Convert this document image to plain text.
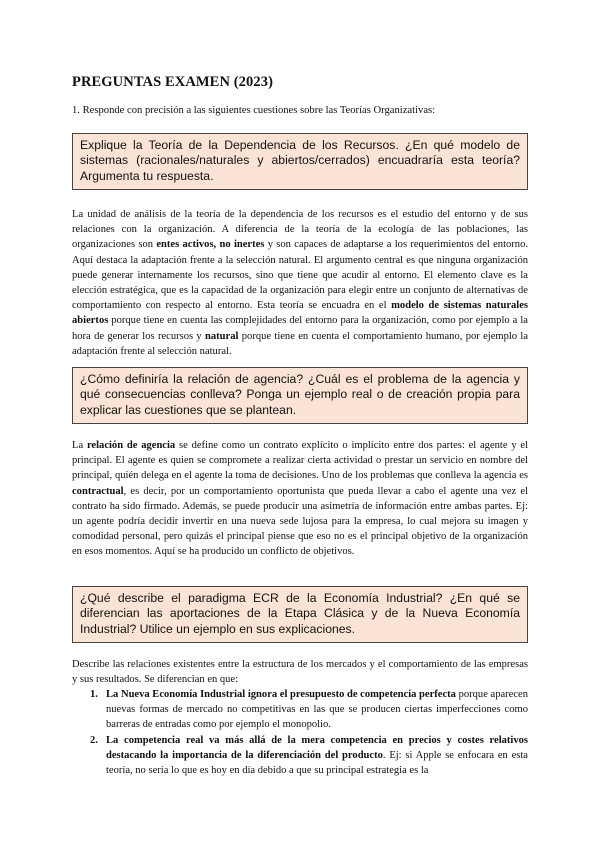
PREGUNTAS EXAMEN (2023)
1. Responde con precisión a las siguientes cuestiones sobre las Teorías Organizativas:
Explique la Teoría de la Dependencia de los Recursos. ¿En qué modelo de sistemas (racionales/naturales y abiertos/cerrados) encuadraría esta teoría? Argumenta tu respuesta.
La unidad de análisis de la teoría de la dependencia de los recursos es el estudio del entorno y de sus relaciones con la organización. A diferencia de la teoría de la ecología de las poblaciones, las organizaciones son entes activos, no inertes y son capaces de adaptarse a los requerimientos del entorno. Aquí destaca la adaptación frente a la selección natural. El argumento central es que ninguna organización puede generar internamente los recursos, sino que tiene que acudir al entorno. El elemento clave es la elección estratégica, que es la capacidad de la organización para elegir entre un conjunto de alternativas de comportamiento con respecto al entorno. Esta teoría se encuadra en el modelo de sistemas naturales abiertos porque tiene en cuenta las complejidades del entorno para la organización, como por ejemplo a la hora de generar los recursos y natural porque tiene en cuenta el comportamiento humano, por ejemplo la adaptación frente al selección natural.
¿Cómo definiría la relación de agencia? ¿Cuál es el problema de la agencia y qué consecuencias conlleva? Ponga un ejemplo real o de creación propia para explicar las cuestiones que se plantean.
La relación de agencia se define como un contrato explícito o implícito entre dos partes: el agente y el principal. El agente es quien se compromete a realizar cierta actividad o prestar un servicio en nombre del principal, quién delega en el agente la toma de decisiones. Uno de los problemas que conlleva la agencia es contractual, es decir, por un comportamiento oportunista que pueda llevar a cabo el agente una vez el contrato ha sido firmado. Además, se puede producir una asimetría de información entre ambas partes. Ej: un agente podría decidir invertir en una nueva sede lujosa para la empresa, lo cual mejora su imagen y comodidad personal, pero quizás el principal piense que eso no es el principal objetivo de la organización en esos momentos. Aquí se ha producido un conflicto de objetivos.
¿Qué describe el paradigma ECR de la Economía Industrial? ¿En qué se diferencian las aportaciones de la Etapa Clásica y de la Nueva Economía Industrial? Utilice un ejemplo en sus explicaciones.
Describe las relaciones existentes entre la estructura de los mercados y el comportamiento de las empresas y sus resultados. Se diferencian en que:
1. La Nueva Economía Industrial ignora el presupuesto de competencia perfecta porque aparecen nuevas formas de mercado no competitivas en las que se producen ciertas imperfecciones como barreras de entradas como por ejemplo el monopolio.
2. La competencia real va más allá de la mera competencia en precios y costes relativos destacando la importancia de la diferenciación del producto. Ej: si Apple se enfocara en esta teoría, no sería lo que es hoy en día debido a que su principal estrategia es la
